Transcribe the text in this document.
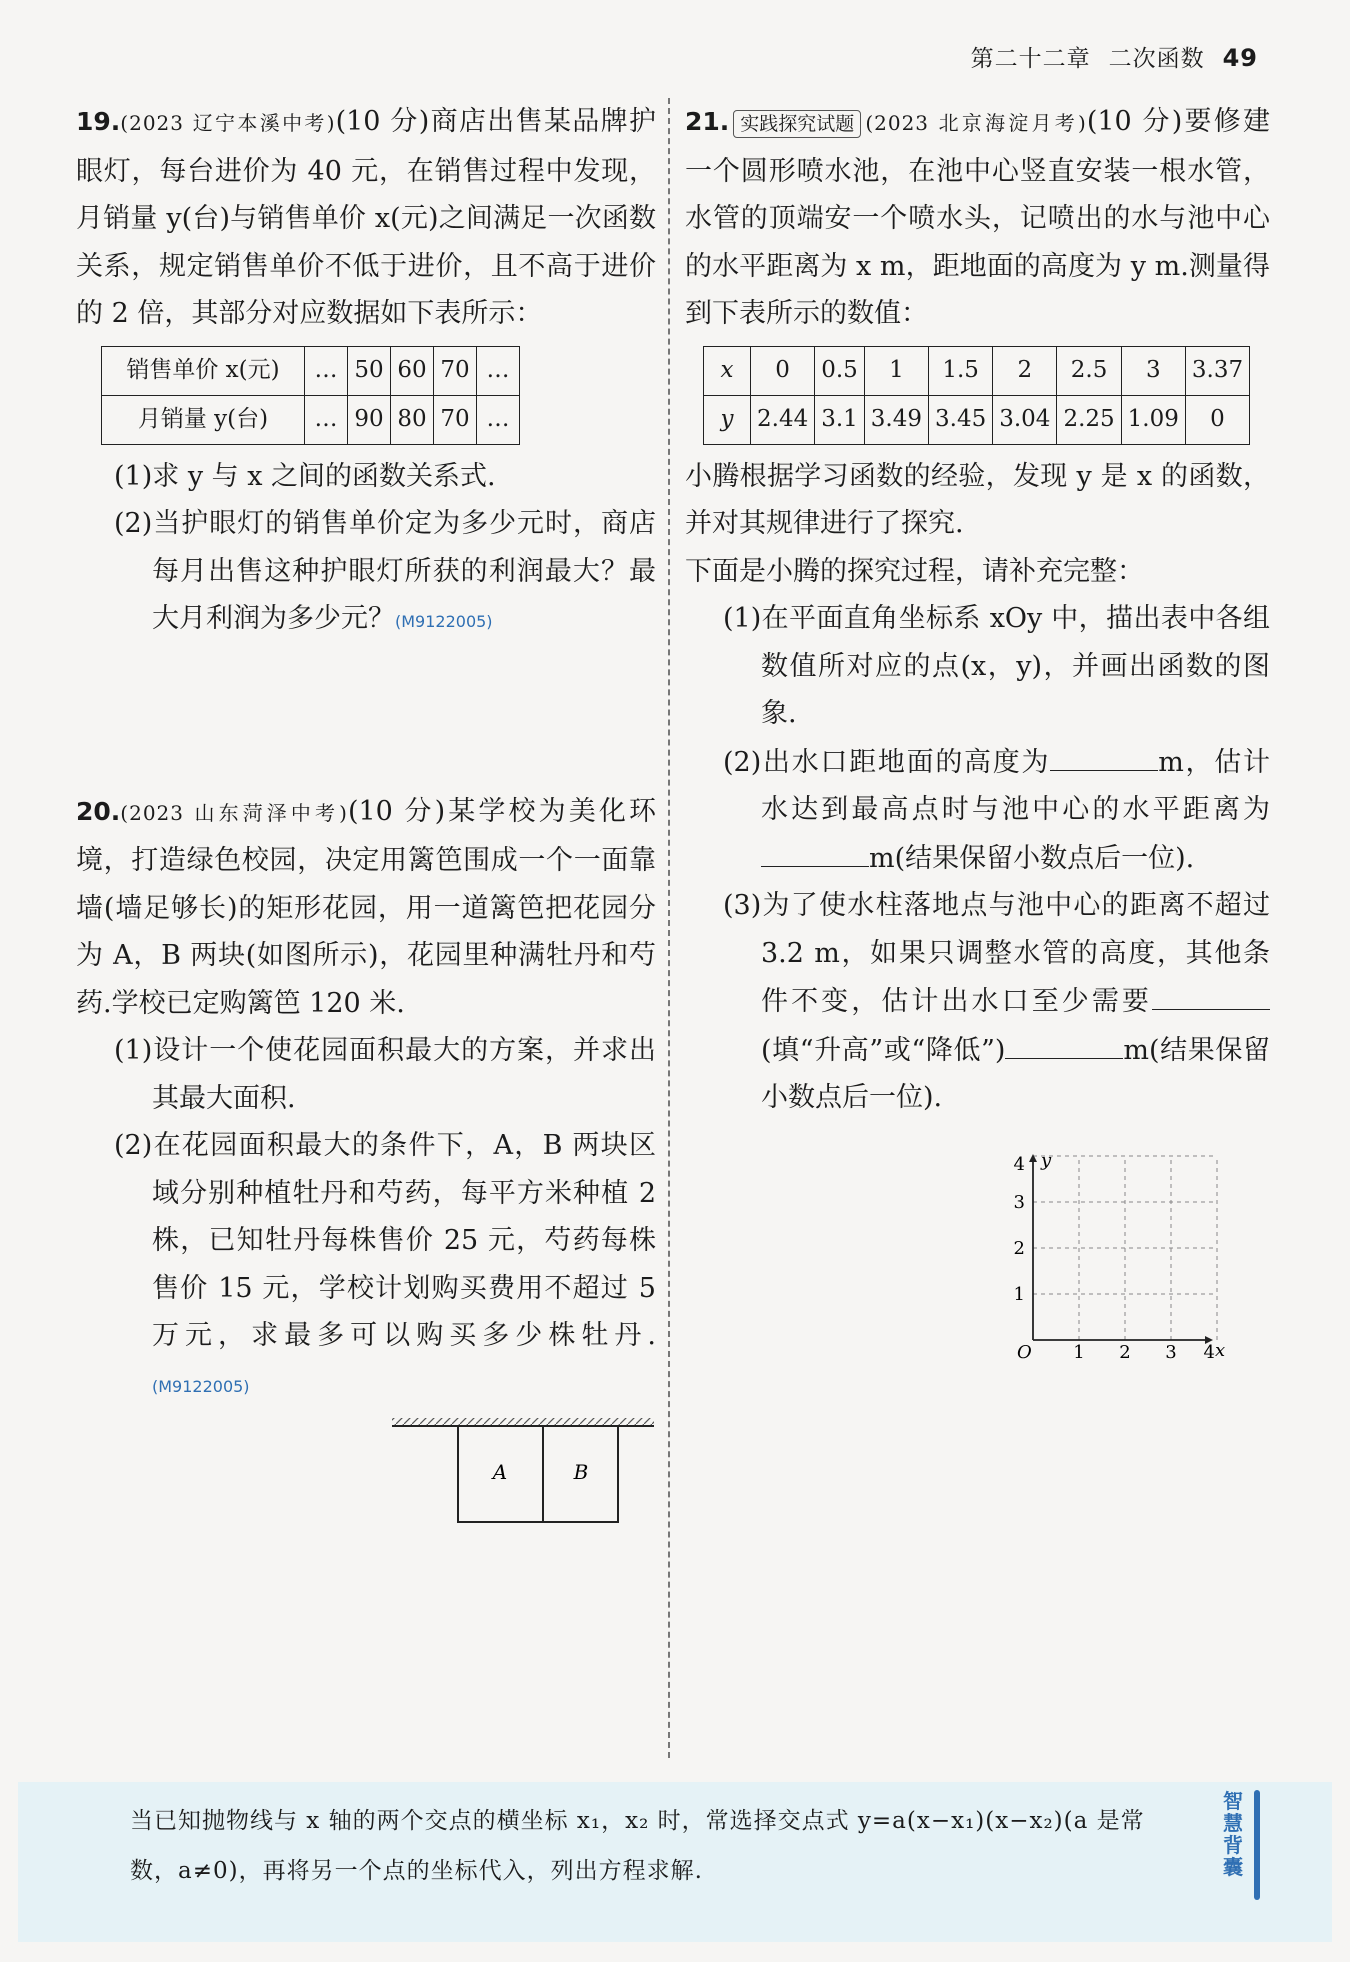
第二十二章 二次函数 49

19.(2023 辽宁本溪中考)(10 分)商店出售某品牌护眼灯，每台进价为 40 元，在销售过程中发现，月销量 y(台)与销售单价 x(元)之间满足一次函数关系，规定销售单价不低于进价，且不高于进价的 2 倍，其部分对应数据如下表所示：

销售单价 x(元)	…	50	60	70	…
月销量 y(台)	…	90	80	70	…

(1)求 y 与 x 之间的函数关系式.

(2)当护眼灯的销售单价定为多少元时，商店每月出售这种护眼灯所获的利润最大？最大月利润为多少元？(M9122005)

20.(2023 山东菏泽中考)(10 分)某学校为美化环境，打造绿色校园，决定用篱笆围成一个一面靠墙(墙足够长)的矩形花园，用一道篱笆把花园分为 A，B 两块(如图所示)，花园里种满牡丹和芍药.学校已定购篱笆 120 米.

(1)设计一个使花园面积最大的方案，并求出其最大面积.

(2)在花园面积最大的条件下，A，B 两块区域分别种植牡丹和芍药，每平方米种植 2 株，已知牡丹每株售价 25 元，芍药每株售价 15 元，学校计划购买费用不超过 5 万元，求最多可以购买多少株牡丹.(M9122005)

A	B

21. 实践探究试题 (2023 北京海淀月考)(10 分)要修建一个圆形喷水池，在池中心竖直安装一根水管，水管的顶端安一个喷水头，记喷出的水与池中心的水平距离为 x m，距地面的高度为 y m.测量得到下表所示的数值：

x	0	0.5	1	1.5	2	2.5	3	3.37
y	2.44	3.1	3.49	3.45	3.04	2.25	1.09	0

小腾根据学习函数的经验，发现 y 是 x 的函数，并对其规律进行了探究.

下面是小腾的探究过程，请补充完整：

(1)在平面直角坐标系 xOy 中，描出表中各组数值所对应的点(x，y)，并画出函数的图象.

(2)出水口距地面的高度为	m，估计水达到最高点时与池中心的水平距离为m(结果保留小数点后一位).

(3)为了使水柱落地点与池中心的距离不超过 3.2 m，如果只调整水管的高度，其他条件不变，估计出水口至少需要(填“升高”或“降低”)	m(结果保留小数点后一位).

y
x
O 1 2 3 4
1
2
3
4
当已知抛物线与 x 轴的两个交点的横坐标 x₁，x₂ 时，常选择交点式 y=a(x−x₁)(x−x₂)(a 是常数，a≠0)，再将另一个点的坐标代入，列出方程求解.
智慧背囊
